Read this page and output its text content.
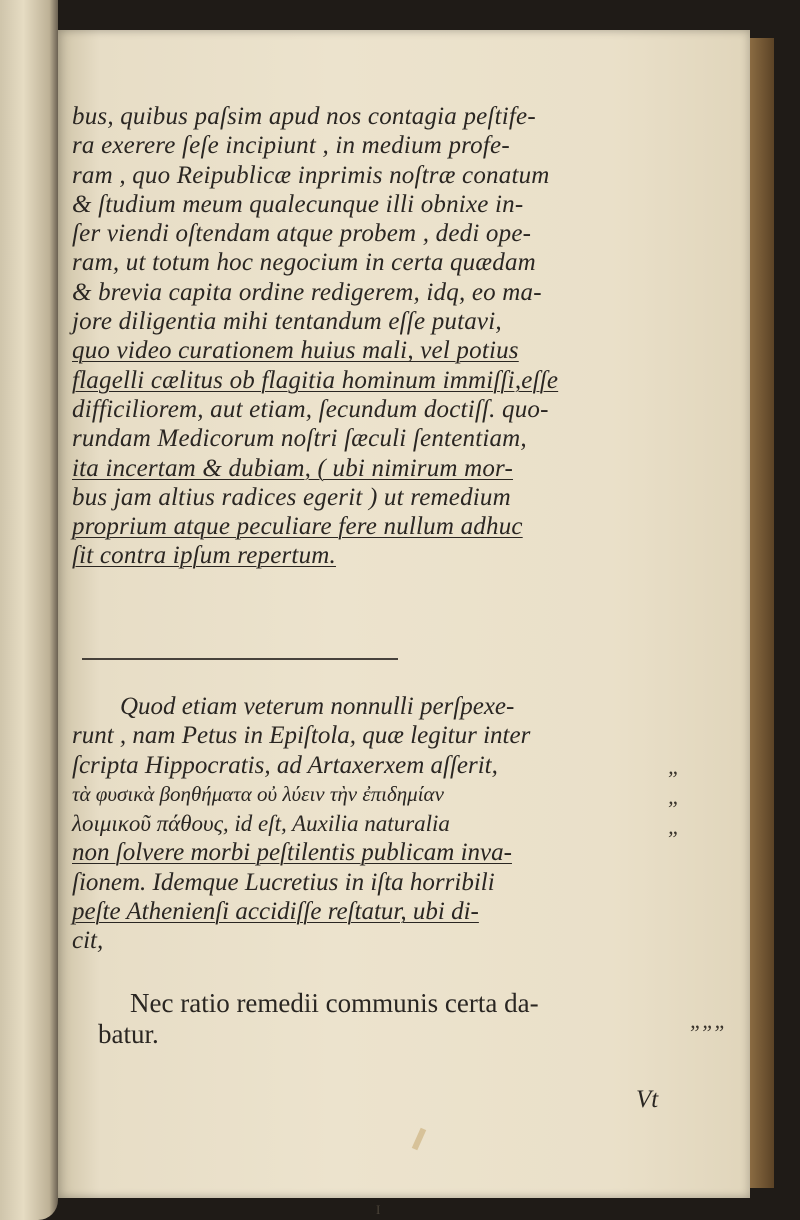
bus, quibus paſsim apud nos contagia peſtife-
ra exerere ſeſe incipiunt , in medium profe-
ram , quo Reipublicæ inprimis noſtræ conatum
& ſtudium meum qualecunque illi obnixe in-
ſer viendi oſtendam atque probem , dedi ope-
ram, ut totum hoc negocium in certa quædam
& brevia capita ordine redigerem, idq, eo ma-
jore diligentia mihi tentandum eſſe putavi,
quo video curationem huius mali, vel potius
flagelli cælitus ob flagitia hominum immiſſi,eſſe
difficiliorem, aut etiam, ſecundum doctiſſ. quo-
rundam Medicorum noſtri ſæculi ſententiam,
ita incertam & dubiam, ( ubi nimirum mor-
bus jam altius radices egerit ) ut remedium
proprium atque peculiare fere nullum adhuc
ſit contra ipſum repertum.
Quod etiam veterum nonnulli perſpexe-
runt , nam Petus in Epiſtola, quæ legitur inter
ſcripta Hippocratis, ad Artaxerxem aſſerit,
τὰ φυσικὰ βοηθήματα οὐ λύειν τὴν ἐπιδημίαν
λοιμικοῦ πάθους, id eſt, Auxilia naturalia
non ſolvere morbi peſtilentis publicam inva-
ſionem. Idemque Lucretius in iſta horribili
peſte Athenienſi accidiſſe reſtatur, ubi di-
cit,
„
„
„
Nec ratio remedii communis certa da-
batur.	„„„
Vt
I
